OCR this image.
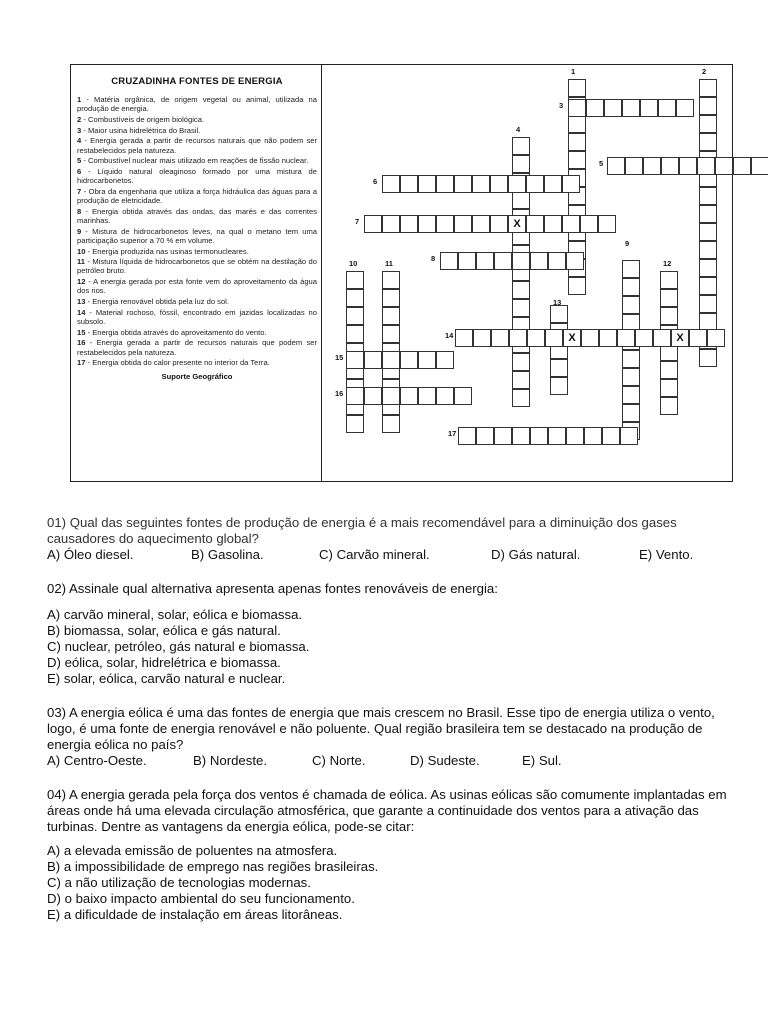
CRUZADINHA FONTES DE ENERGIA
1 - Matéria orgânica, de origem vegetal ou animal, utilizada na produção de energia.
2 - Combustíveis de origem biológica.
3 - Maior usina hidrelétrica do Brasil.
4 - Energia gerada a partir de recursos naturais que não podem ser restabelecidos pela natureza.
5 - Combustível nuclear mais utilizado em reações de fissão nuclear.
6 - Líquido natural oleaginoso formado por uma mistura de hidrocarbonetos.
7 - Obra da engenharia que utiliza a força hidráulica das águas para a produção de eletricidade.
8 - Energia obtida através das ondas, das marés e das correntes marinhas.
9 - Mistura de hidrocarbonetos leves, na qual o metano tem uma participação superior a 70 % em volume.
10 - Energia produzida nas usinas termonucleares.
11 - Mistura líquida de hidrocarbonetos que se obtém na destilação do petróleo bruto.
12 - A energia gerada por esta fonte vem do aproveitamento da água dos rios.
13 - Energia renovável obtida pela luz do sol.
14 - Material rochoso, fóssil, encontrado em jazidas localizadas no subsolo.
15 - Energia obtida através do aproveitamento do vento.
16 - Energia gerada a partir de recursos naturais que podem ser restabelecidos pela natureza.
17 - Energia obtida do calor presente no interior da Terra.
Suporte Geográfico
X
X	X
1	2
3
4
5
6
7
8
9
10	11	12
13
14
15
16
17

01) Qual das seguintes fontes de produção de energia é a mais recomendável para a diminuição dos gases causadores do aquecimento global?

A) Óleo diesel.	B) Gasolina.	C) Carvão mineral.	D) Gás natural.	E) Vento.

02) Assinale qual alternativa apresenta apenas fontes renováveis de energia:

A) carvão mineral, solar, eólica e biomassa.
B) biomassa, solar, eólica e gás natural.
C) nuclear, petróleo, gás natural e biomassa.
D) eólica, solar, hidrelétrica e biomassa.
E) solar, eólica, carvão natural e nuclear.

03) A energia eólica é uma das fontes de energia que mais crescem no Brasil. Esse tipo de energia utiliza o vento, logo, é uma fonte de energia renovável e não poluente. Qual região brasileira tem se destacado na produção de energia eólica no país?

A) Centro-Oeste.	B) Nordeste.	C) Norte.	D) Sudeste.	E) Sul.

04) A energia gerada pela força dos ventos é chamada de eólica. As usinas eólicas são comumente implantadas em áreas onde há uma elevada circulação atmosférica, que garante a continuidade dos ventos para a ativação das turbinas. Dentre as vantagens da energia eólica, pode-se citar:

A) a elevada emissão de poluentes na atmosfera.
B) a impossibilidade de emprego nas regiões brasileiras.
C) a não utilização de tecnologias modernas.
D) o baixo impacto ambiental do seu funcionamento.
E) a dificuldade de instalação em áreas litorâneas.
